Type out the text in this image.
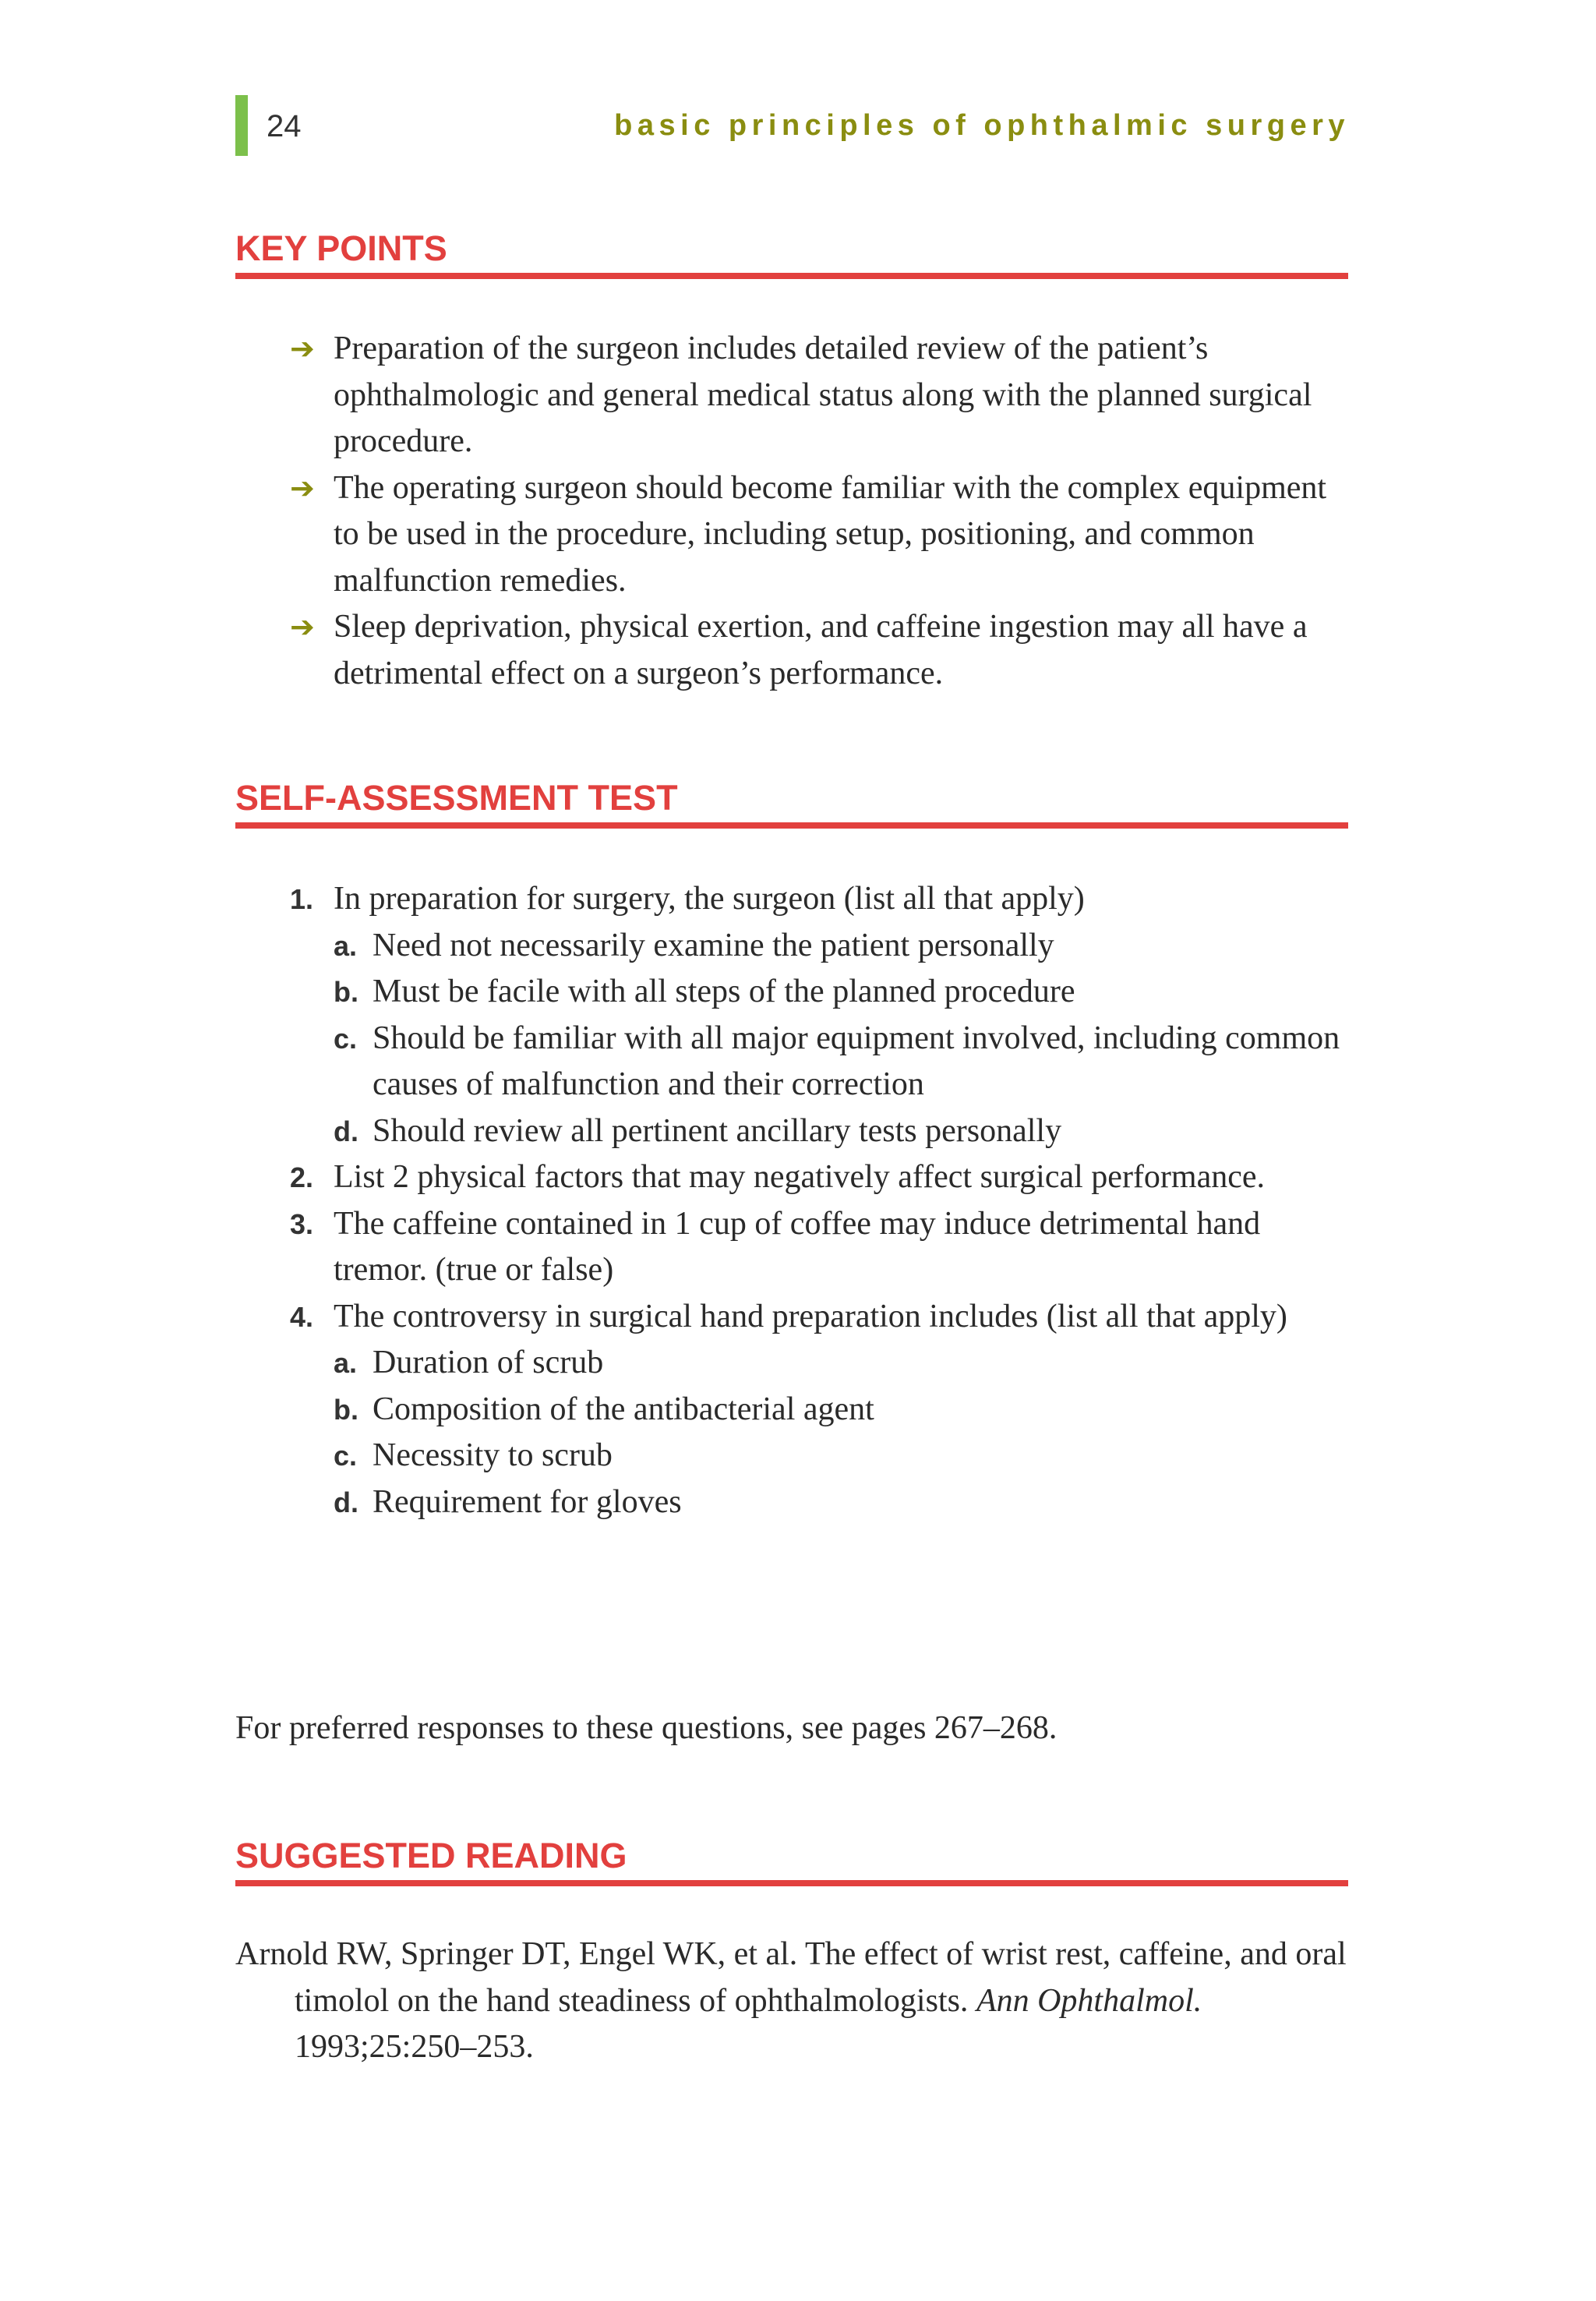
24	basic principles of ophthalmic surgery
KEY POINTS
➔ Preparation of the surgeon includes detailed review of the patient’s ophthalmologic and general medical status along with the planned surgical procedure.
➔ The operating surgeon should become familiar with the complex equipment to be used in the procedure, including setup, positioning, and common malfunction remedies.
➔ Sleep deprivation, physical exertion, and caffeine ingestion may all have a detrimental effect on a surgeon’s performance.
SELF-ASSESSMENT TEST
1. In preparation for surgery, the surgeon (list all that apply)
a. Need not necessarily examine the patient personally
b. Must be facile with all steps of the planned procedure
c. Should be familiar with all major equipment involved, including common causes of malfunction and their correction
d. Should review all pertinent ancillary tests personally
2. List 2 physical factors that may negatively affect surgical performance.
3. The caffeine contained in 1 cup of coffee may induce detrimental hand tremor. (true or false)
4. The controversy in surgical hand preparation includes (list all that apply)
a. Duration of scrub
b. Composition of the antibacterial agent
c. Necessity to scrub
d. Requirement for gloves
For preferred responses to these questions, see pages 267–268.
SUGGESTED READING
Arnold RW, Springer DT, Engel WK, et al. The effect of wrist rest, caffeine, and oral timolol on the hand steadiness of ophthalmologists. Ann Ophthalmol. 1993;25:250–253.
